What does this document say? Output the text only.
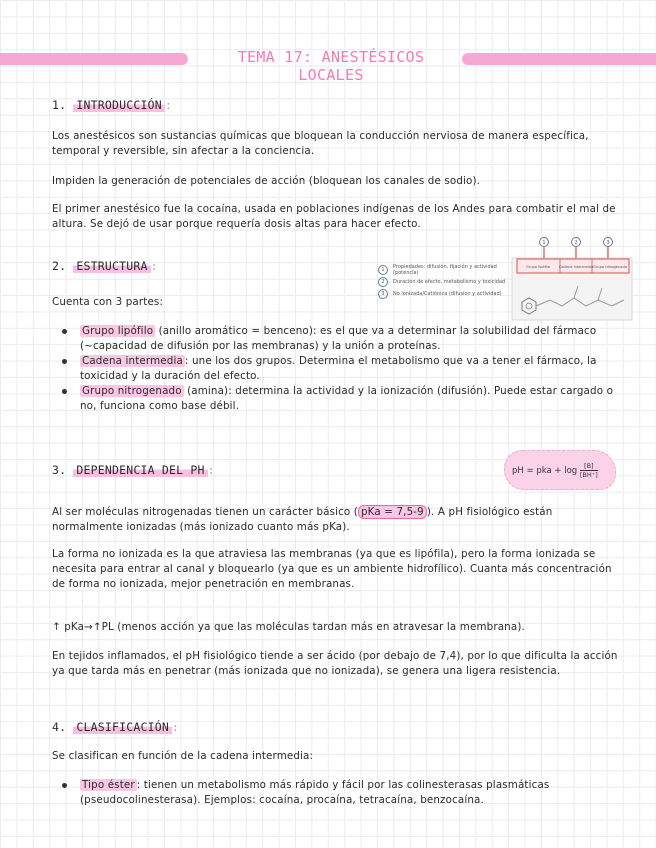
TEMA 17: ANESTÉSICOS LOCALES
1. INTRODUCCIÓN :
Los anestésicos son sustancias químicas que bloquean la conducción nerviosa de manera específica, temporal y reversible, sin afectar a la conciencia.
Impiden la generación de potenciales de acción (bloquean los canales de sodio).
El primer anestésico fue la cocaína, usada en poblaciones indígenas de los Andes para combatir el mal de altura. Se dejó de usar porque requería dosis altas para hacer efecto.
2. ESTRUCTURA :	1	Propiedades: difusión, fijación y actividad (potencia)
2	Duración de efecto, metabolismo y toxicidad
3	No ionizada/Catiónica (difusión y actividad)
1	2	3
Grupo lipófilo Cadena intermedia Grupo nitrogenado
Cuenta con 3 partes:
Grupo lipófilo (anillo aromático = benceno): es el que va a determinar la solubilidad del fármaco (~capacidad de difusión por las membranas) y la unión a proteínas.
Cadena intermedia : une los dos grupos. Determina el metabolismo que va a tener el fármaco, la toxicidad y la duración del efecto.
Grupo nitrogenado (amina): determina la actividad y la ionización (difusión). Puede estar cargado o no, funciona como base débil.
3. DEPENDENCIA DEL PH :	pH = pka + $\log \frac{[B]}{[BH^+]}$
Al ser moléculas nitrogenadas tienen un carácter básico ( pKa = 7,5-9 ). A pH fisiológico están normalmente ionizadas (más ionizado cuanto más pKa).
La forma no ionizada es la que atraviesa las membranas (ya que es lipófila), pero la forma ionizada se necesita para entrar al canal y bloquearlo (ya que es un ambiente hidrofílico). Cuanta más concentración de forma no ionizada, mejor penetración en membranas.
↑ pKa→↑PL (menos acción ya que las moléculas tardan más en atravesar la membrana).
En tejidos inflamados, el pH fisiológico tiende a ser ácido (por debajo de 7,4), por lo que dificulta la acción ya que tarda más en penetrar (más ionizada que no ionizada), se genera una ligera resistencia.
4. CLASIFICACIÓN :
Se clasifican en función de la cadena intermedia:
Tipo éster : tienen un metabolismo más rápido y fácil por las colinesterasas plasmáticas (pseudocolinesterasa). Ejemplos: cocaína, procaína, tetracaína, benzocaína.
